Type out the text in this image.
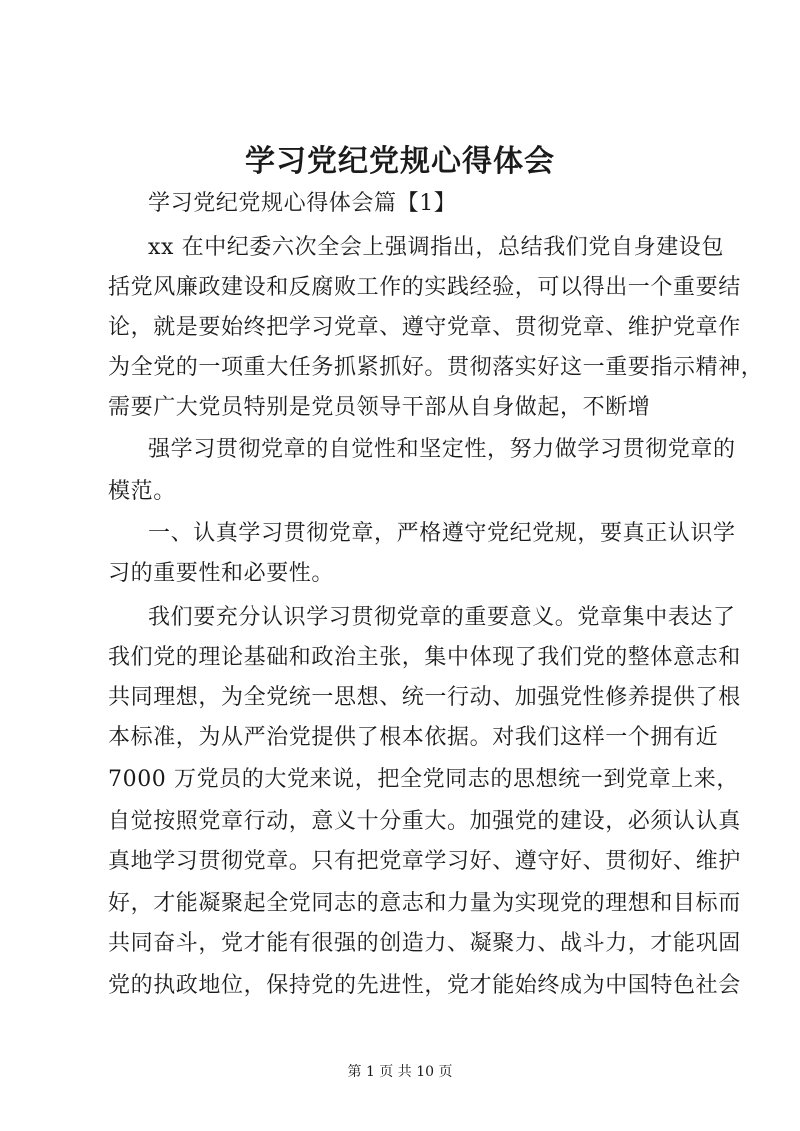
学习党纪党规心得体会
学习党纪党规心得体会篇【1】
xx 在中纪委六次全会上强调指出，总结我们党自身建设包
括党风廉政建设和反腐败工作的实践经验，可以得出一个重要结
论，就是要始终把学习党章、遵守党章、贯彻党章、维护党章作
为全党的一项重大任务抓紧抓好。贯彻落实好这一重要指示精神，
需要广大党员特别是党员领导干部从自身做起，不断增
强学习贯彻党章的自觉性和坚定性，努力做学习贯彻党章的
模范。
一、认真学习贯彻党章，严格遵守党纪党规，要真正认识学
习的重要性和必要性。
我们要充分认识学习贯彻党章的重要意义。党章集中表达了
我们党的理论基础和政治主张，集中体现了我们党的整体意志和
共同理想，为全党统一思想、统一行动、加强党性修养提供了根
本标准，为从严治党提供了根本依据。对我们这样一个拥有近
7000 万党员的大党来说，把全党同志的思想统一到党章上来，
自觉按照党章行动，意义十分重大。加强党的建设，必须认认真
真地学习贯彻党章。只有把党章学习好、遵守好、贯彻好、维护
好，才能凝聚起全党同志的意志和力量为实现党的理想和目标而
共同奋斗，党才能有很强的创造力、凝聚力、战斗力，才能巩固
党的执政地位，保持党的先进性，党才能始终成为中国特色社会
第 1 页 共 10 页
